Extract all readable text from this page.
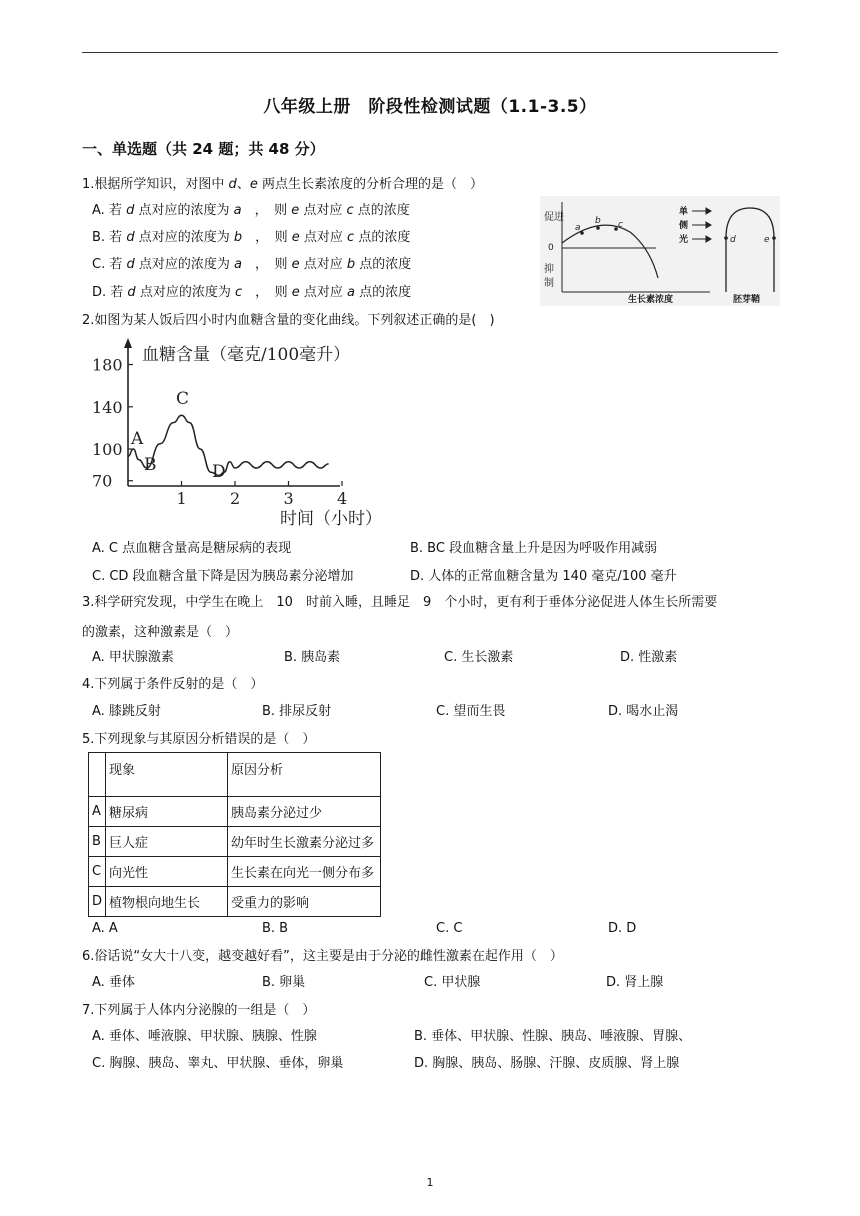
八年级上册　阶段性检测试题（1.1-3.5）
一、单选题（共 24 题；共 48 分）
1.根据所学知识，对图中 d、e 两点生长素浓度的分析合理的是（　）
A. 若 d 点对应的浓度为 a　，　则 e 点对应 c 点的浓度
B. 若 d 点对应的浓度为 b　，　则 e 点对应 c 点的浓度
C. 若 d 点对应的浓度为 a　，　则 e 点对应 b 点的浓度
D. 若 d 点对应的浓度为 c　，　则 e 点对应 a 点的浓度
促进
0
抑
制
a
b c
生长素浓度
单
侧
光	d	e
胚芽鞘
2.如图为某人饭后四小时内血糖含量的变化曲线。下列叙述正确的是(　)
血糖含量（毫克/100毫升）
时间（小时）
180
140
100
70
1	2	3	4
A
B
C
D
A. C 点血糖含量高是糖尿病的表现	B. BC 段血糖含量上升是因为呼吸作用减弱
C. CD 段血糖含量下降是因为胰岛素分泌增加	D. 人体的正常血糖含量为 140 毫克/100 毫升
3.科学研究发现，中学生在晚上　10　时前入睡，且睡足　9　个小时，更有利于垂体分泌促进人体生长所需要
的激素，这种激素是（　）
A. 甲状腺激素	B. 胰岛素	C. 生长激素	D. 性激素
4.下列属于条件反射的是（　）
A. 膝跳反射	B. 排尿反射	C. 望而生畏	D. 喝水止渴
5.下列现象与其原因分析错误的是（　）
	现象	原因分析
A	糖尿病	胰岛素分泌过少
B	巨人症	幼年时生长激素分泌过多
C	向光性	生长素在向光一侧分布多
D	植物根向地生长	受重力的影响
A. A	B. B	C. C	D. D
6.俗话说“女大十八变，越变越好看”，这主要是由于分泌的雌性激素在起作用（　）
A. 垂体	B. 卵巢	C. 甲状腺	D. 肾上腺
7.下列属于人体内分泌腺的一组是（　）
A. 垂体、唾液腺、甲状腺、胰腺、性腺	B. 垂体、甲状腺、性腺、胰岛、唾液腺、胃腺、
C. 胸腺、胰岛、睾丸、甲状腺、垂体，卵巢	D. 胸腺、胰岛、肠腺、汗腺、皮质腺、肾上腺
1
